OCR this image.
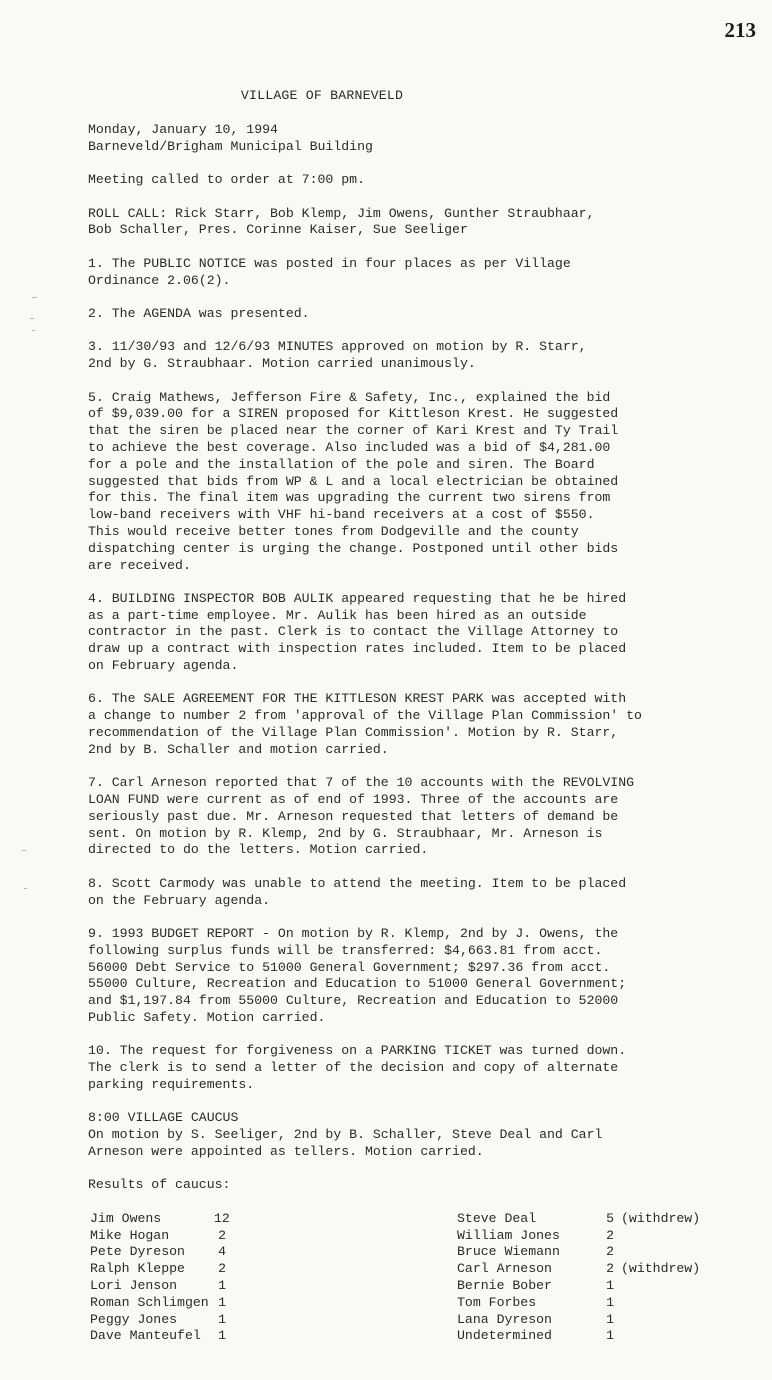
213
VILLAGE OF BARNEVELD
Monday, January 10, 1994
Barneveld/Brigham Municipal Building
Meeting called to order at 7:00 pm.
ROLL CALL: Rick Starr, Bob Klemp, Jim Owens, Gunther Straubhaar,
Bob Schaller, Pres. Corinne Kaiser, Sue Seeliger
1. The PUBLIC NOTICE was posted in four places as per Village
Ordinance 2.06(2).
2. The AGENDA was presented.
3. 11/30/93 and 12/6/93 MINUTES approved on motion by R. Starr,
2nd by G. Straubhaar. Motion carried unanimously.
5. Craig Mathews, Jefferson Fire & Safety, Inc., explained the bid
of $9,039.00 for a SIREN proposed for Kittleson Krest. He suggested
that the siren be placed near the corner of Kari Krest and Ty Trail
to achieve the best coverage. Also included was a bid of $4,281.00
for a pole and the installation of the pole and siren. The Board
suggested that bids from WP & L and a local electrician be obtained
for this. The final item was upgrading the current two sirens from
low-band receivers with VHF hi-band receivers at a cost of $550.
This would receive better tones from Dodgeville and the county
dispatching center is urging the change. Postponed until other bids
are received.
4. BUILDING INSPECTOR BOB AULIK appeared requesting that he be hired
as a part-time employee. Mr. Aulik has been hired as an outside
contractor in the past. Clerk is to contact the Village Attorney to
draw up a contract with inspection rates included. Item to be placed
on February agenda.
6. The SALE AGREEMENT FOR THE KITTLESON KREST PARK was accepted with
a change to number 2 from 'approval of the Village Plan Commission' to
recommendation of the Village Plan Commission'. Motion by R. Starr,
2nd by B. Schaller and motion carried.
7. Carl Arneson reported that 7 of the 10 accounts with the REVOLVING
LOAN FUND were current as of end of 1993. Three of the accounts are
seriously past due. Mr. Arneson requested that letters of demand be
sent. On motion by R. Klemp, 2nd by G. Straubhaar, Mr. Arneson is
directed to do the letters. Motion carried.
8. Scott Carmody was unable to attend the meeting. Item to be placed
on the February agenda.
9. 1993 BUDGET REPORT - On motion by R. Klemp, 2nd by J. Owens, the
following surplus funds will be transferred: $4,663.81 from acct.
56000 Debt Service to 51000 General Government; $297.36 from acct.
55000 Culture, Recreation and Education to 51000 General Government;
and $1,197.84 from 55000 Culture, Recreation and Education to 52000
Public Safety. Motion carried.
10. The request for forgiveness on a PARKING TICKET was turned down.
The clerk is to send a letter of the decision and copy of alternate
parking requirements.
8:00 VILLAGE CAUCUS
On motion by S. Seeliger, 2nd by B. Schaller, Steve Deal and Carl
Arneson were appointed as tellers. Motion carried.
Results of caucus:
Jim Owens	12
Mike Hogan	2
Pete Dyreson	4
Ralph Kleppe	2
Lori Jenson	1
Roman Schlimgen 1
Peggy Jones	1
Dave Manteufel 1
Steve Deal	5 (withdrew)
William Jones	2
Bruce Wiemann	2
Carl Arneson	2 (withdrew)
Bernie Bober	1
Tom Forbes	1
Lana Dyreson	1
Undetermined	1
